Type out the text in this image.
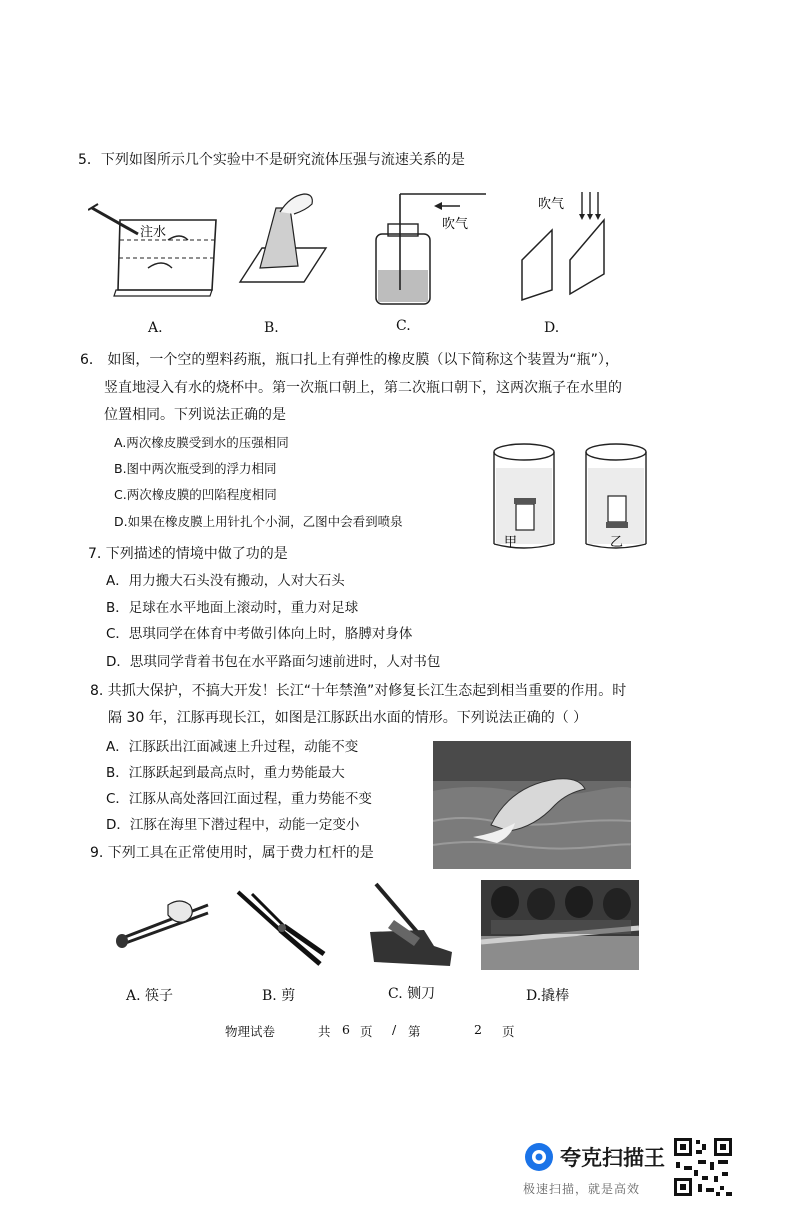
5．下列如图所示几个实验中不是研究流体压强与流速关系的是
注水
吹气
吹气
A.	B.	C.	D.
6． 如图，一个空的塑料药瓶，瓶口扎上有弹性的橡皮膜（以下简称这个装置为“瓶”），
竖直地浸入有水的烧杯中。第一次瓶口朝上，第二次瓶口朝下，这两次瓶子在水里的
位置相同。下列说法正确的是
A.两次橡皮膜受到水的压强相同
B.图中两次瓶受到的浮力相同
C.两次橡皮膜的凹陷程度相同
D.如果在橡皮膜上用针扎个小洞，乙图中会看到喷泉
甲	乙
7. 下列描述的情境中做了功的是
A．用力搬大石头没有搬动，人对大石头
B．足球在水平地面上滚动时，重力对足球
C．思琪同学在体育中考做引体向上时，胳膊对身体
D．思琪同学背着书包在水平路面匀速前进时，人对书包
8. 共抓大保护，不搞大开发！长江“十年禁渔”对修复长江生态起到相当重要的作用。时
隔 30 年，江豚再现长江，如图是江豚跃出水面的情形。下列说法正确的（ ）
A．江豚跃出江面减速上升过程，动能不变
B．江豚跃起到最高点时，重力势能最大
C．江豚从高处落回江面过程，重力势能不变
D．江豚在海里下潜过程中，动能一定变小
9. 下列工具在正常使用时，属于费力杠杆的是
A. 筷子	B. 剪	C. 铡刀	D.撬棒
物理试卷	共 6 页 / 第	2 页
夸克扫描王
极速扫描，就是高效
